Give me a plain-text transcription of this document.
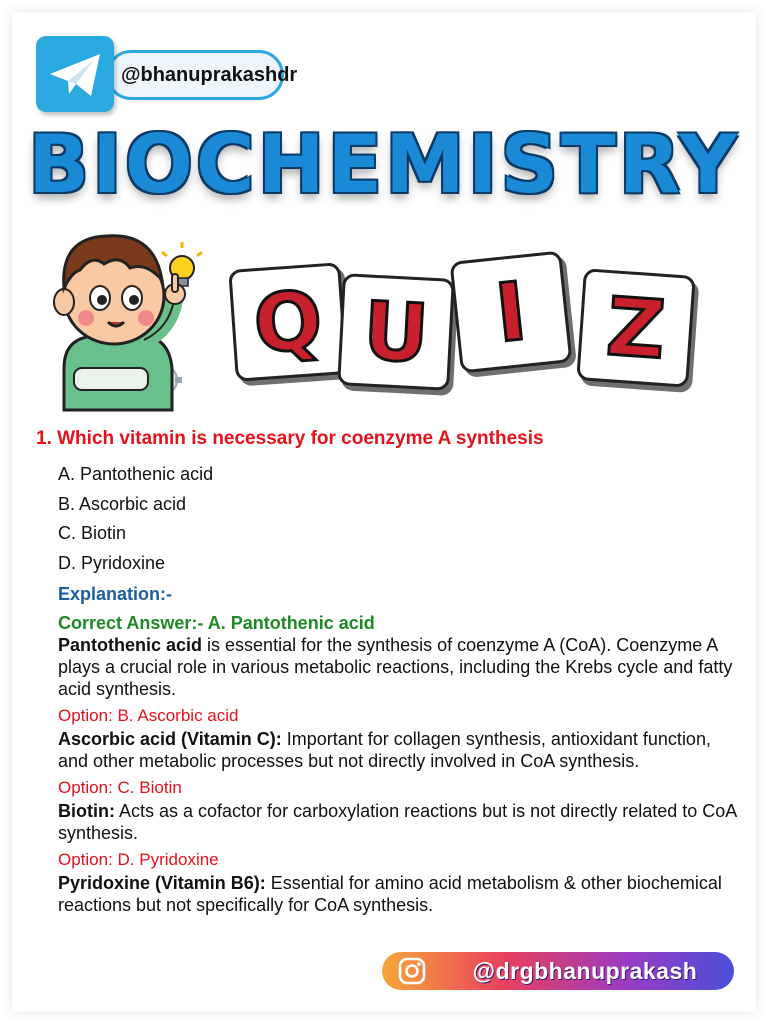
@bhanuprakashdr
BIOCHEMISTRY
Q U I Z
1. Which vitamin is necessary for coenzyme A synthesis
A. Pantothenic acid
B. Ascorbic acid
C. Biotin
D. Pyridoxine
Explanation:-
Correct Answer:- A. Pantothenic acid
Pantothenic acid is essential for the synthesis of coenzyme A (CoA). Coenzyme A plays a crucial role in various metabolic reactions, including the Krebs cycle and fatty acid synthesis.
Option: B. Ascorbic acid
Ascorbic acid (Vitamin C): Important for collagen synthesis, antioxidant function, and other metabolic processes but not directly involved in CoA synthesis.
Option: C. Biotin
Biotin: Acts as a cofactor for carboxylation reactions but is not directly related to CoA synthesis.
Option: D. Pyridoxine
Pyridoxine (Vitamin B6): Essential for amino acid metabolism & other biochemical reactions but not specifically for CoA synthesis.
@drgbhanuprakash
